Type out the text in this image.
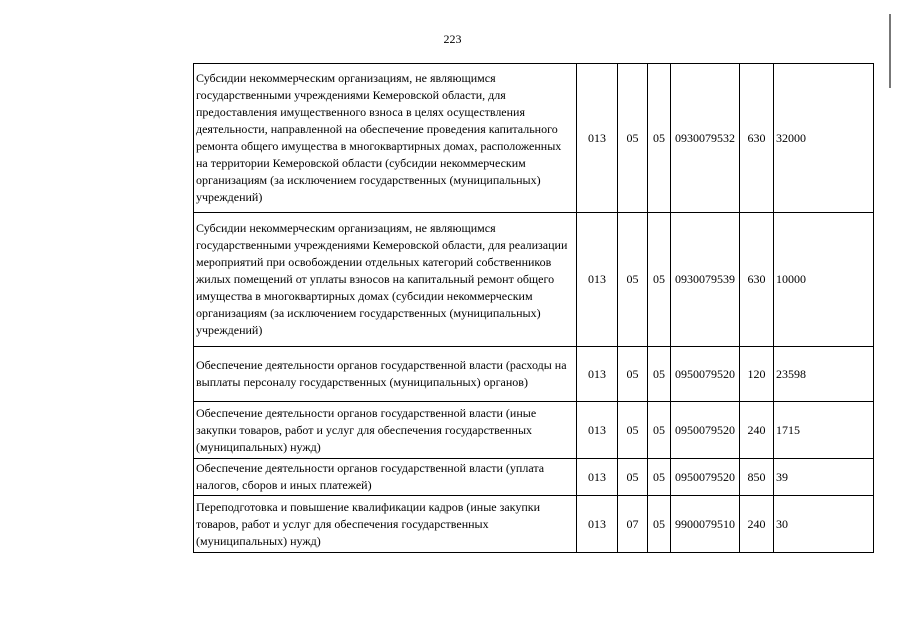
223
Субсидии некоммерческим организациям, не являющимся государственными учреждениями Кемеровской области, для предоставления имущественного взноса в целях осуществления деятельности, направленной на обеспечение проведения капитального ремонта общего имущества в многоквартирных домах, расположенных на территории Кемеровской области (субсидии некоммерческим организациям (за исключением государственных (муниципальных) учреждений)	013	05	05	0930079532	630	32000
Субсидии некоммерческим организациям, не являющимся государственными учреждениями Кемеровской области, для реализации мероприятий при освобождении отдельных категорий собственников жилых помещений от уплаты взносов на капитальный ремонт общего имущества в многоквартирных домах (субсидии некоммерческим организациям (за исключением государственных (муниципальных) учреждений)	013	05	05	0930079539	630	10000
Обеспечение деятельности органов государственной власти (расходы на выплаты персоналу государственных (муниципальных) органов)	013	05	05	0950079520	120	23598
Обеспечение деятельности органов государственной власти (иные закупки товаров, работ и услуг для обеспечения государственных (муниципальных) нужд)	013	05	05	0950079520	240	1715
Обеспечение деятельности органов государственной власти (уплата налогов, сборов и иных платежей)	013	05	05	0950079520	850	39
Переподготовка и повышение квалификации кадров (иные закупки товаров, работ и услуг для обеспечения государственных (муниципальных) нужд)	013	07	05	9900079510	240	30
